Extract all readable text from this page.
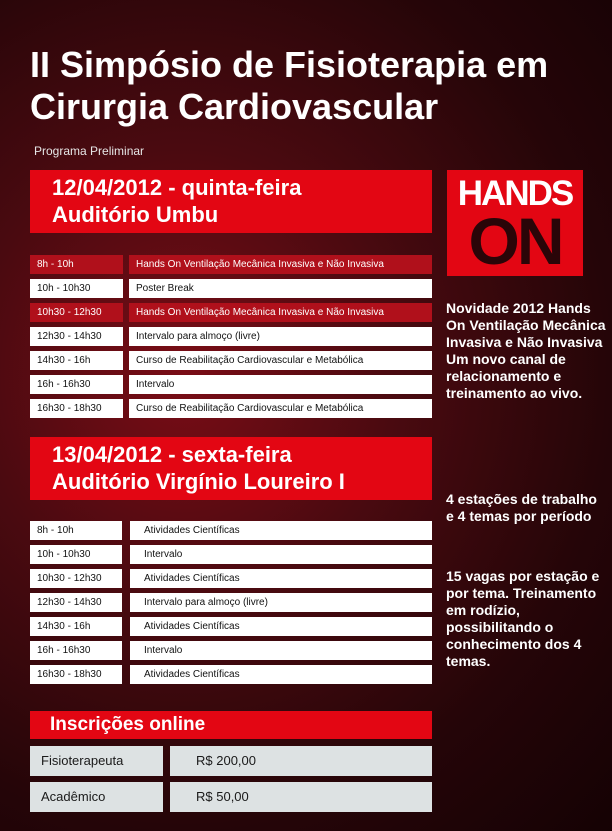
II Simpósio de Fisioterapia em Cirurgia Cardiovascular
Programa Preliminar
12/04/2012 - quinta-feira
Auditório Umbu
8h - 10h	Hands On Ventilação Mecânica Invasiva e Não Invasiva
10h - 10h30	Poster Break
10h30 - 12h30	Hands On Ventilação Mecânica Invasiva e Não Invasiva
12h30 - 14h30	Intervalo para almoço (livre)
14h30 - 16h	Curso de Reabilitação Cardiovascular e Metabólica
16h - 16h30	Intervalo
16h30 - 18h30	Curso de Reabilitação Cardiovascular e Metabólica
13/04/2012 - sexta-feira
Auditório Virgínio Loureiro I
8h - 10h	Atividades Científicas
10h - 10h30	Intervalo
10h30 - 12h30	Atividades Científicas
12h30 - 14h30	Intervalo para almoço (livre)
14h30 - 16h	Atividades Científicas
16h - 16h30	Intervalo
16h30 - 18h30	Atividades Científicas
Inscrições online
Fisioterapeuta	R$ 200,00
Acadêmico	R$ 50,00
HANDS
ON
Novidade 2012 Hands On Ventilação Mecânica Invasiva e Não Invasiva Um novo canal de relacionamento e treinamento ao vivo.
4 estações de trabalho e 4 temas por período
15 vagas por estação e por tema. Treinamento em rodízio, possibilitando o conhecimento dos 4 temas.
